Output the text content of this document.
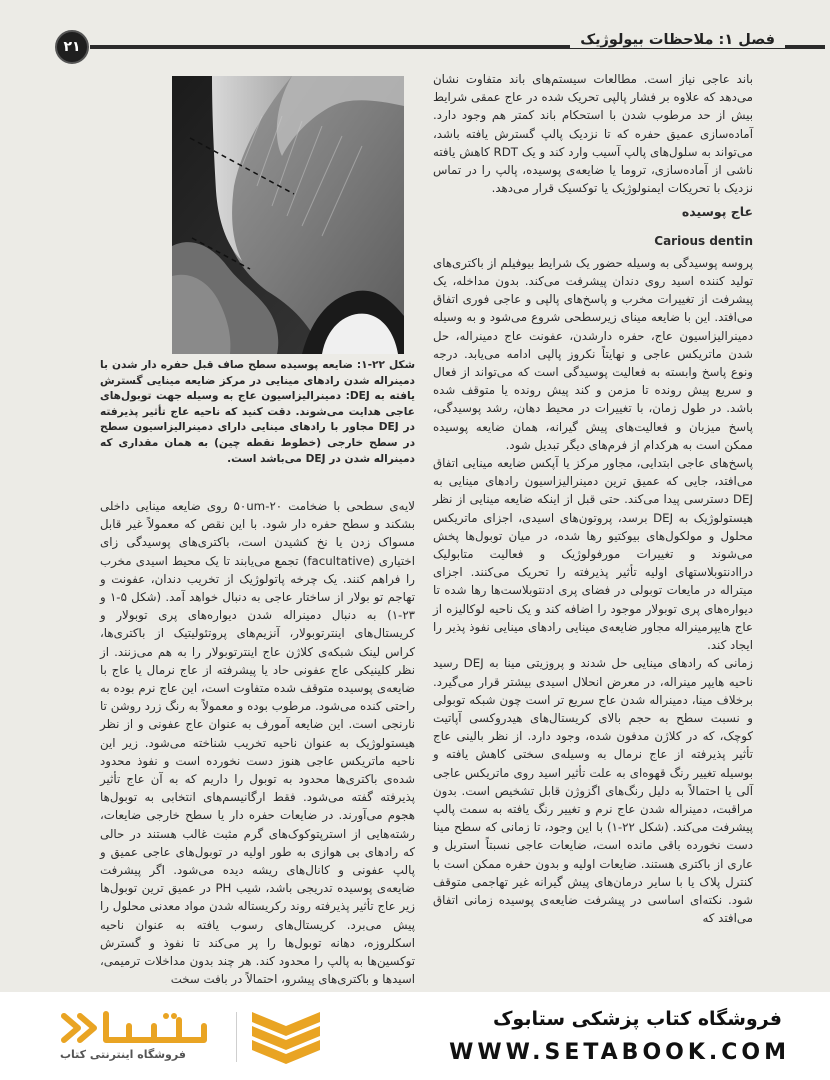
۲۱	فصل ۱: ملاحظات بیولوژیک
شکل ۲۲-۱: ضایعه پوسیده سطح صاف قبل حفره دار شدن با دمینراله شدن رادهای مینایی در مرکز ضایعه مینایی گسترش یافته به DEJ: دمینرالیزاسیون عاج به وسیله جهت توبول‌های عاجی هدایت می‌شوند. دقت کنید که ناحیه عاج تأثیر پذیرفته در DEJ مجاور با رادهای مینایی دارای دمینرالیزاسیون سطح در سطح خارجی (خطوط نقطه چین) به همان مقداری که دمینراله شدن در DEJ می‌باشد است.

باند عاجی نیاز است. مطالعات سیستم‌های باند متفاوت نشان می‌دهد که علاوه بر فشار پالپی تحریک شده در عاج عمقی شرایط بیش از حد مرطوب شدن با استحکام باند کمتر هم وجود دارد. آماده‌سازی عمیق حفره که تا نزدیک پالپ گسترش یافته باشد، می‌تواند به سلول‌های پالپ آسیب وارد کند و یک RDT کاهش یافته ناشی از آماده‌سازی، تروما یا ضایعه‌ی پوسیده، پالپ را در تماس نزدیک با تحریکات ایمنولوژیک یا توکسیک قرار می‌دهد.

عاج پوسیده
Carious dentin

پروسه پوسیدگی به وسیله حضور یک شرایط بیوفیلم از باکتری‌های تولید کننده اسید روی دندان پیشرفت می‌کند. بدون مداخله، یک پیشرفت از تغییرات مخرب و پاسخ‌های پالپی و عاجی فوری اتفاق می‌افتد. این با ضایعه مینای زیرسطحی شروع می‌شود و به وسیله دمینرالیزاسیون عاج، حفره دارشدن، عفونت عاج دمینراله، حل شدن ماتریکس عاجی و نهایتاً نکروز پالپی ادامه می‌یابد. درجه ونوع پاسخ وابسته به فعالیت پوسیدگی است که می‌تواند از فعال و سریع پیش رونده تا مزمن و کند پیش رونده یا متوقف شده باشد. در طول زمان، با تغییرات در محیط دهان، رشد پوسیدگی، پاسخ میزبان و فعالیت‌های پیش گیرانه، همان ضایعه پوسیده ممکن است به هرکدام از فرم‌های دیگر تبدیل شود.

پاسخ‌های عاجی ابتدایی، مجاور مرکز یا آپکس ضایعه مینایی اتفاق می‌افتد، جایی که عمیق ترین دمینرالیزاسیون رادهای مینایی به DEJ دسترسی پیدا می‌کند. حتی قبل از اینکه ضایعه مینایی از نظر هیستولوژیک به DEJ برسد، پروتون‌های اسیدی، اجزای ماتریکس محلول و مولکول‌های بیوکتیو رها شده، در میان توبول‌ها پخش می‌شوند و تغییرات مورفولوژیک و فعالیت متابولیک دراادنتوبلاستهای اولیه تأثیر پذیرفته را تحریک می‌کنند. اجزای میتراله در مایعات توبولی در فضای پری ادنتوبلاست‌ها رها شده تا دیواره‌های پری توبولار موجود را اضافه کند و یک ناحیه لوکالیزه از عاج هایپرمینراله مجاور ضایعه‌ی مینایی رادهای مینایی نفوذ پذیر را ایجاد کند.

زمانی که رادهای مینایی حل شدند و پروزیتی مینا به DEJ رسید ناحیه هایپر مینراله، در معرض انحلال اسیدی بیشتر قرار می‌گیرد. برخلاف مینا، دمینراله شدن عاج سریع تر است چون شبکه توبولی و نسبت سطح به حجم بالای کریستال‌های هیدروکسی آپاتیت کوچک، که در کلاژن مدفون شده، وجود دارد. از نظر بالینی عاج تأثیر پذیرفته از عاج نرمال به وسیله‌ی سختی کاهش یافته و بوسیله تغییر رنگ قهوه‌ای به علت تأثیر اسید روی ماتریکس عاجی آلی یا احتمالاً به دلیل رنگ‌های اگزوژن قابل تشخیص است. بدون مراقبت، دمینراله شدن عاج نرم و تغییر رنگ یافته به سمت پالپ پیشرفت می‌کند. (شکل ۲۲-۱) با این وجود، تا زمانی که سطح مینا دست نخورده باقی مانده است، ضایعات عاجی نسبتاً استریل و عاری از باکتری هستند. ضایعات اولیه و بدون حفره ممکن است با کنترل پلاک یا با سایر درمان‌های پیش گیرانه غیر تهاجمی متوقف شود. نکته‌ای اساسی در پیشرفت ضایعه‌ی پوسیده زمانی اتفاق می‌افتد که

لایه‌ی سطحی با ضخامت ۲۰-۵۰um روی ضایعه مینایی داخلی بشکند و سطح حفره دار شود. با این نقص که معمولاً غیر قابل مسواک زدن یا نخ کشیدن است، باکتری‌های پوسیدگی زای اختیاری (facultative) تجمع می‌یابند تا یک محیط اسیدی مخرب را فراهم کنند. یک چرخه پاتولوژیک از تخریب دندان، عفونت و تهاجم تو بولار از ساختار عاجی به دنبال خواهد آمد. (شکل ۵-۱ و ۲۳-۱) به دنبال دمینراله شدن دیواره‌های پری توبولار و کریستال‌های اینترتوبولار، آنزیم‌های پروتئولیتیک از باکتری‌ها، کراس لینک شبکه‌ی کلاژن عاج اینترتوبولار را به هم می‌زنند. از نظر کلینیکی عاج عفونی حاد یا پیشرفته از عاج نرمال یا عاج با ضایعه‌ی پوسیده متوقف شده متفاوت است، این عاج نرم بوده به راحتی کنده می‌شود. مرطوب بوده و معمولاً به رنگ زرد روشن تا نارنجی است. این ضایعه آمورف به عنوان عاج عفونی و از نظر هیستولوژیک به عنوان ناحیه تخریب شناخته می‌شود. زیر این ناحیه ماتریکس عاجی هنوز دست نخورده است و نفوذ محدود شده‌ی باکتری‌ها محدود به توبول را داریم که به آن عاج تأثیر پذیرفته گفته می‌شود. فقط ارگانیسم‌های انتخابی به توبول‌ها هجوم می‌آورند. در ضایعات حفره دار یا سطح خارجی ضایعات، رشته‌هایی از استرپتوکوک‌های گرم مثبت غالب هستند در حالی که رادهای بی هوازی به طور اولیه در توبول‌های عاجی عمیق و پالپ عفونی و کانال‌های ریشه دیده می‌شود. اگر پیشرفت ضایعه‌ی پوسیده تدریجی باشد، شیب PH در عمیق ترین توبول‌ها زیر عاج تأثیر پذیرفته روند رکریستاله شدن مواد معدنی محلول را پیش می‌برد. کریستال‌های رسوب یافته به عنوان ناحیه اسکلروزه، دهانه توبول‌ها را پر می‌کند تا نفوذ و گسترش توکسین‌ها به پالپ را محدود کند. هر چند بدون مداخلات ترمیمی، اسیدها و باکتری‌های پیشرو، احتمالاً در بافت سخت

فروشگاه اینترنتی کتاب
فروشگاه کتاب پزشکی ستابوک
WWW.SETABOOK.COM
